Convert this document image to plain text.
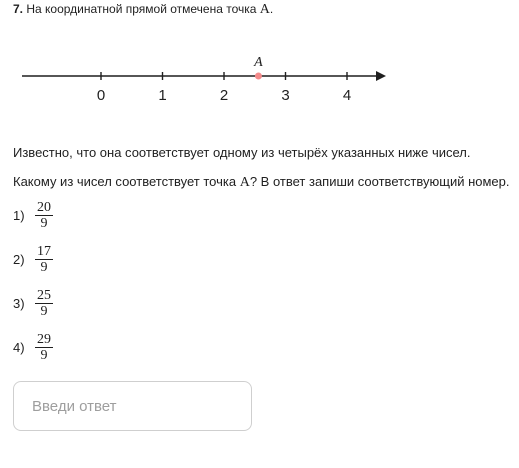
7. На координатной прямой отмечена точка A.
0	1	2	3	4
A
Известно, что она соответствует одному из четырёх указанных ниже чисел.
Какому из чисел соответствует точка A? В ответ запиши соответствующий номер.
$1) \frac{20}{9}$
$2) \frac{17}{9}$
$3) \frac{25}{9}$
$4) \frac{29}{9}$
Введи ответ
